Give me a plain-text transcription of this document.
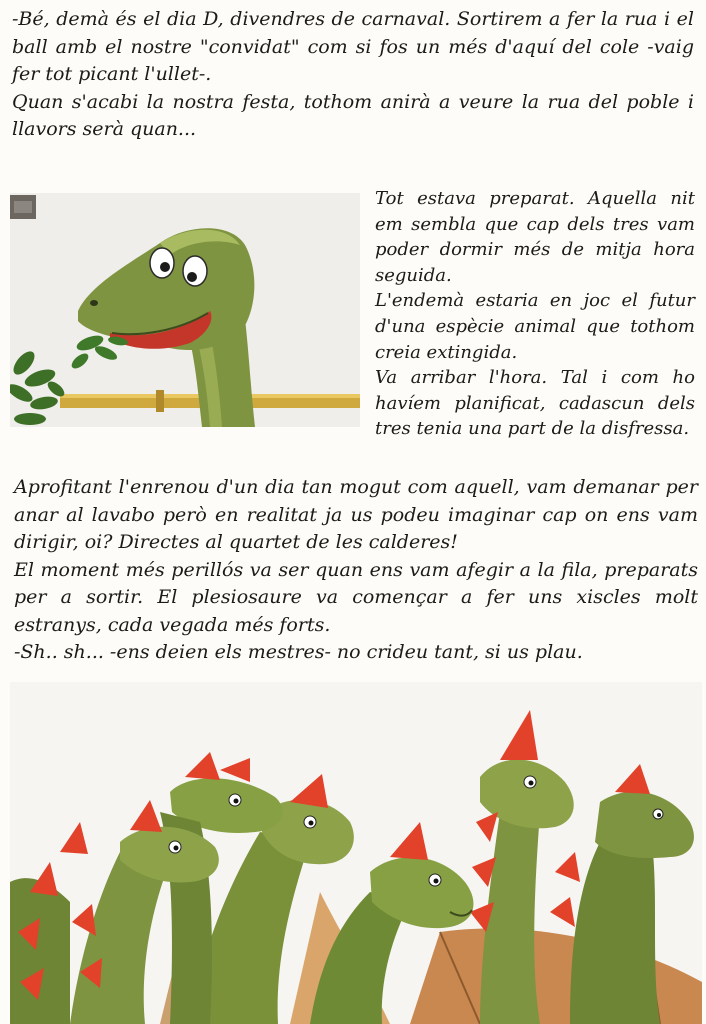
-Bé, demà és el dia D, divendres de carnaval. Sortirem a fer la rua i el ball amb el nostre "convidat" com si fos un més d'aquí del cole -vaig fer tot picant l'ullet-.

Quan s'acabi la nostra festa, tothom anirà a veure la rua del poble i llavors serà quan...

Tot estava preparat. Aquella nit em sembla que cap dels tres vam poder dormir més de mitja hora seguida.

L'endemà estaria en joc el futur d'una espècie animal que tothom creia extingida.

Va arribar l'hora. Tal i com ho havíem planificat, cadascun dels tres tenia una part de la disfressa.

Aprofitant l'enrenou d'un dia tan mogut com aquell, vam demanar per anar al lavabo però en realitat ja us podeu imaginar cap on ens vam dirigir, oi? Directes al quartet de les calderes!

El moment més perillós va ser quan ens vam afegir a la fila, preparats per a sortir. El plesiosaure va començar a fer uns xiscles molt estranys, cada vegada més forts.

-Sh.. sh... -ens deien els mestres- no crideu tant, si us plau.
